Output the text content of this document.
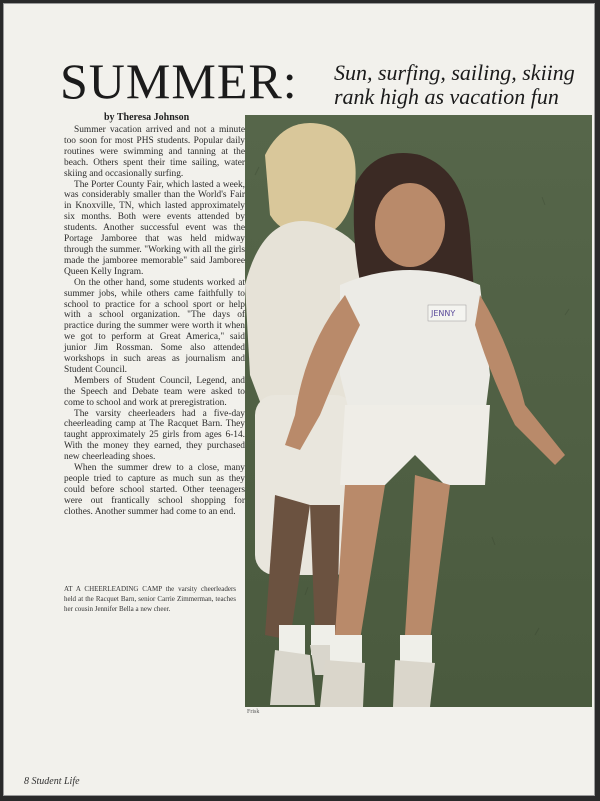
SUMMER: Sun, surfing, sailing, skiing
rank high as vacation fun
by Theresa Johnson

Summer vacation arrived and not a minute too soon for most PHS students. Popular daily routines were swimming and tanning at the beach. Others spent their time sailing, water skiing and occasionally surfing.

The Porter County Fair, which lasted a week, was considerably smaller than the World's Fair in Knoxville, TN, which lasted approximately six months. Both were events attended by students. Another successful event was the Portage Jamboree that was held midway through the summer. "Working with all the girls made the jamboree memorable" said Jamboree Queen Kelly Ingram.

On the other hand, some students worked at summer jobs, while others came faithfully to school to practice for a school sport or help with a school organization. "The days of practice during the summer were worth it when we got to perform at Great America," said junior Jim Rossman. Some also attended workshops in such areas as journalism and Student Council.

Members of Student Council, Legend, and the Speech and Debate team were asked to come to school and work at preregistration.

The varsity cheerleaders had a five-day cheerleading camp at The Racquet Barn. They taught approximately 25 girls from ages 6-14. With the money they earned, they purchased new cheerleading shoes.

When the summer drew to a close, many people tried to capture as much sun as they could before school started. Other teenagers were out frantically school shopping for clothes. Another summer had come to an end.

AT A CHEERLEADING CAMP the varsity cheerleaders held at the Racquet Barn, senior Carrie Zimmerman, teaches her cousin Jennifer Bella a new cheer.
JENNY
Frisk
8 Student Life
